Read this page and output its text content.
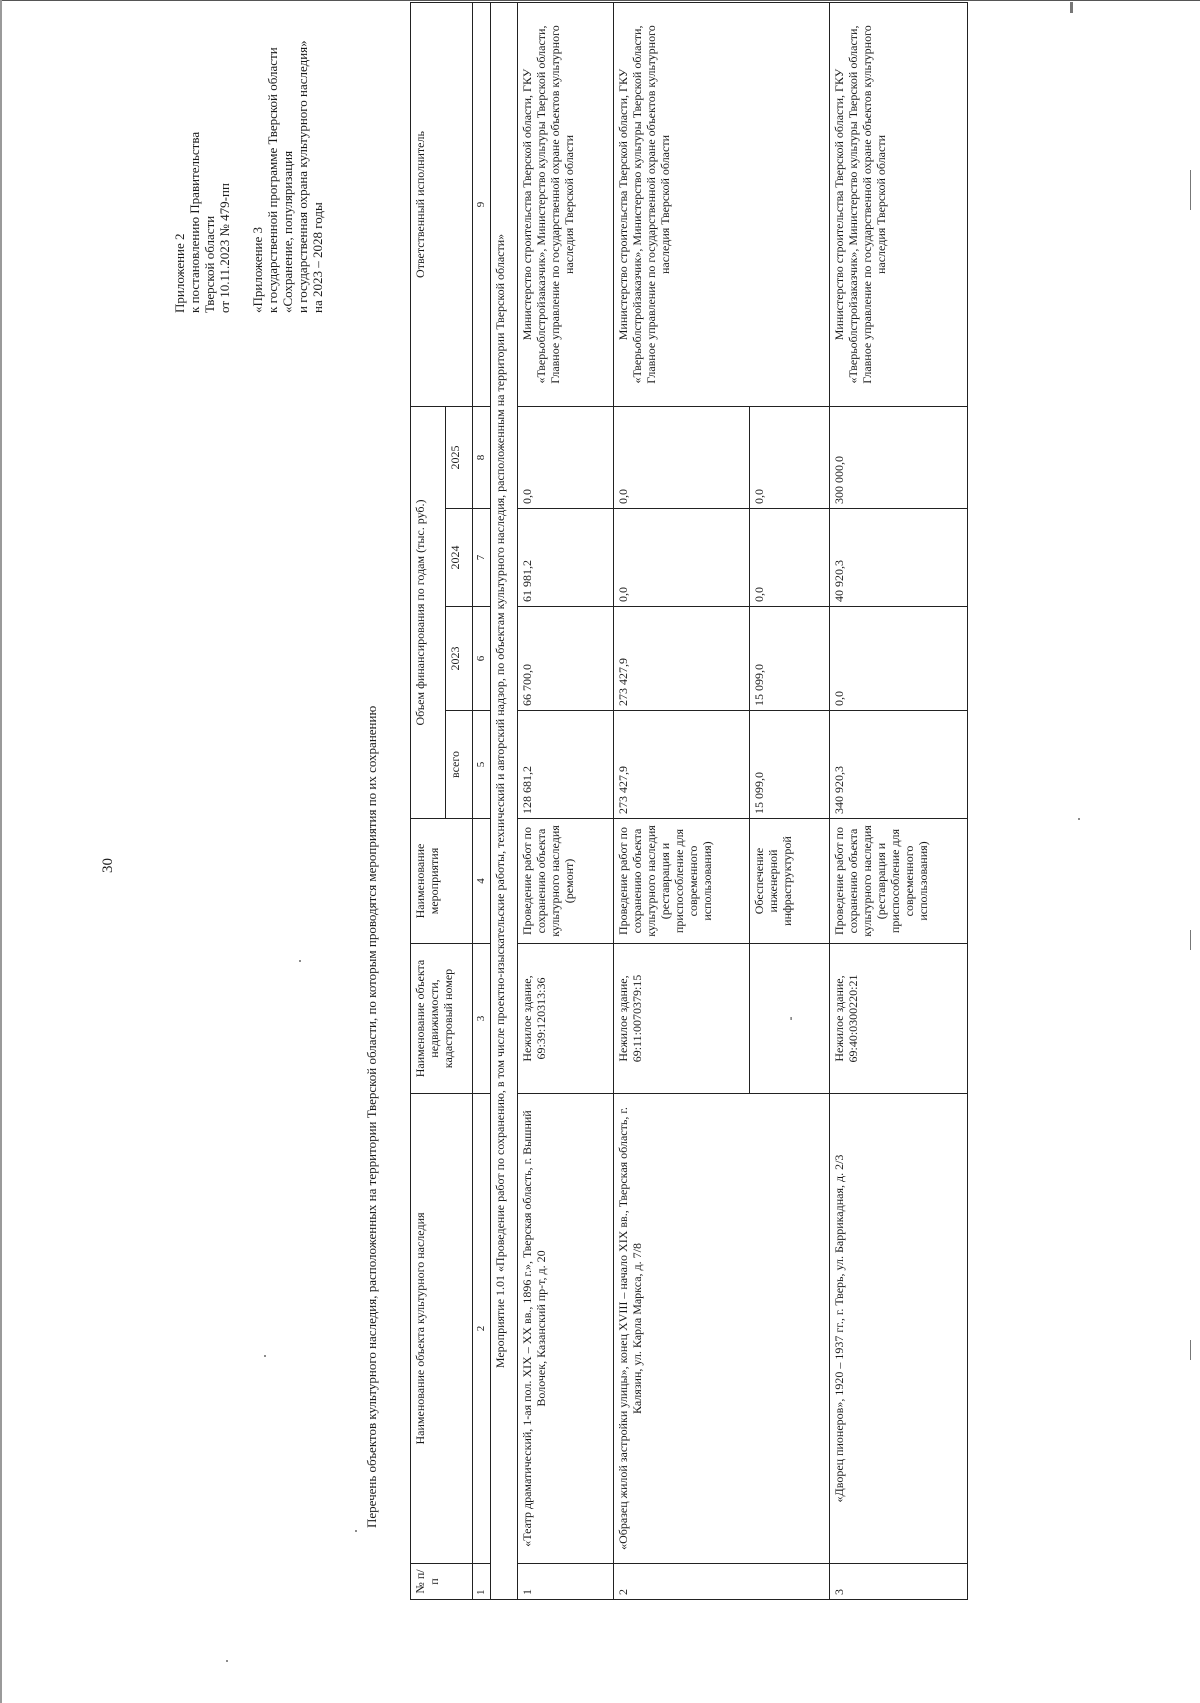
30
Приложение 2 к постановлению Правительства Тверской области от 10.11.2023 № 479-пп «Приложение 3 к государственной программе Тверской области «Сохранение, популяризация и государственная охрана культурного наследия» на 2023 – 2028 годы
Перечень объектов культурного наследия, расположенных на территории Тверской области, по которым проводятся мероприятия по их сохранению
№ п/п	Наименование объекта культурного наследия	Наименование объекта недвижимости, кадастровый номер	Наименование мероприятия	Объем финансирования по годам (тыс. руб.)				Ответственный исполнитель
				всего	2023	2024	2025	
1	2	3	4	5	6	7	8	9
Мероприятие 1.01 «Проведение работ по сохранению, в том числе проектно-изыскательские работы, технический и авторский надзор, по объектам культурного наследия, расположенным на территории Тверской области»								
1	«Театр драматический, 1-ая пол. XIX – XX вв., 1896 г.», Тверская область, г. Вышний Волочек, Казанский пр-т, д. 20	Нежилое здание, 69:39:120313:36	Проведение работ по сохранению объекта культурного наследия (ремонт)	128 681,2	66 700,0	61 981,2	0,0	Министерство строительства Тверской области, ГКУ «Тверьоблстройзаказчик», Министерство культуры Тверской области, Главное управление по государственной охране объектов культурного наследия Тверской области
2	«Образец жилой застройки улицы», конец XVIII – начало XIX вв., Тверская область, г. Калязин, ул. Карла Маркса, д. 7/8	Нежилое здание, 69:11:0070379:15	Проведение работ по сохранению объекта культурного наследия (реставрация и приспособление для современного использования)	273 427,9	273 427,9	0,0	0,0	Министерство строительства Тверской области, ГКУ «Тверьоблстройзаказчик», Министерство культуры Тверской области, Главное управление по государственной охране объектов культурного наследия Тверской области
		-	Обеспечение инженерной инфраструктурой	15 099,0	15 099,0	0,0	0,0	
3	«Дворец пионеров», 1920 – 1937 гг., г. Тверь, ул. Баррикадная, д. 2/3	Нежилое здание, 69:40:0300220:21	Проведение работ по сохранению объекта культурного наследия (реставрация и приспособление для современного использования)	340 920,3	0,0	40 920,3	300 000,0	Министерство строительства Тверской области, ГКУ «Тверьоблстройзаказчик», Министерство культуры Тверской области, Главное управление по государственной охране объектов культурного наследия Тверской области
